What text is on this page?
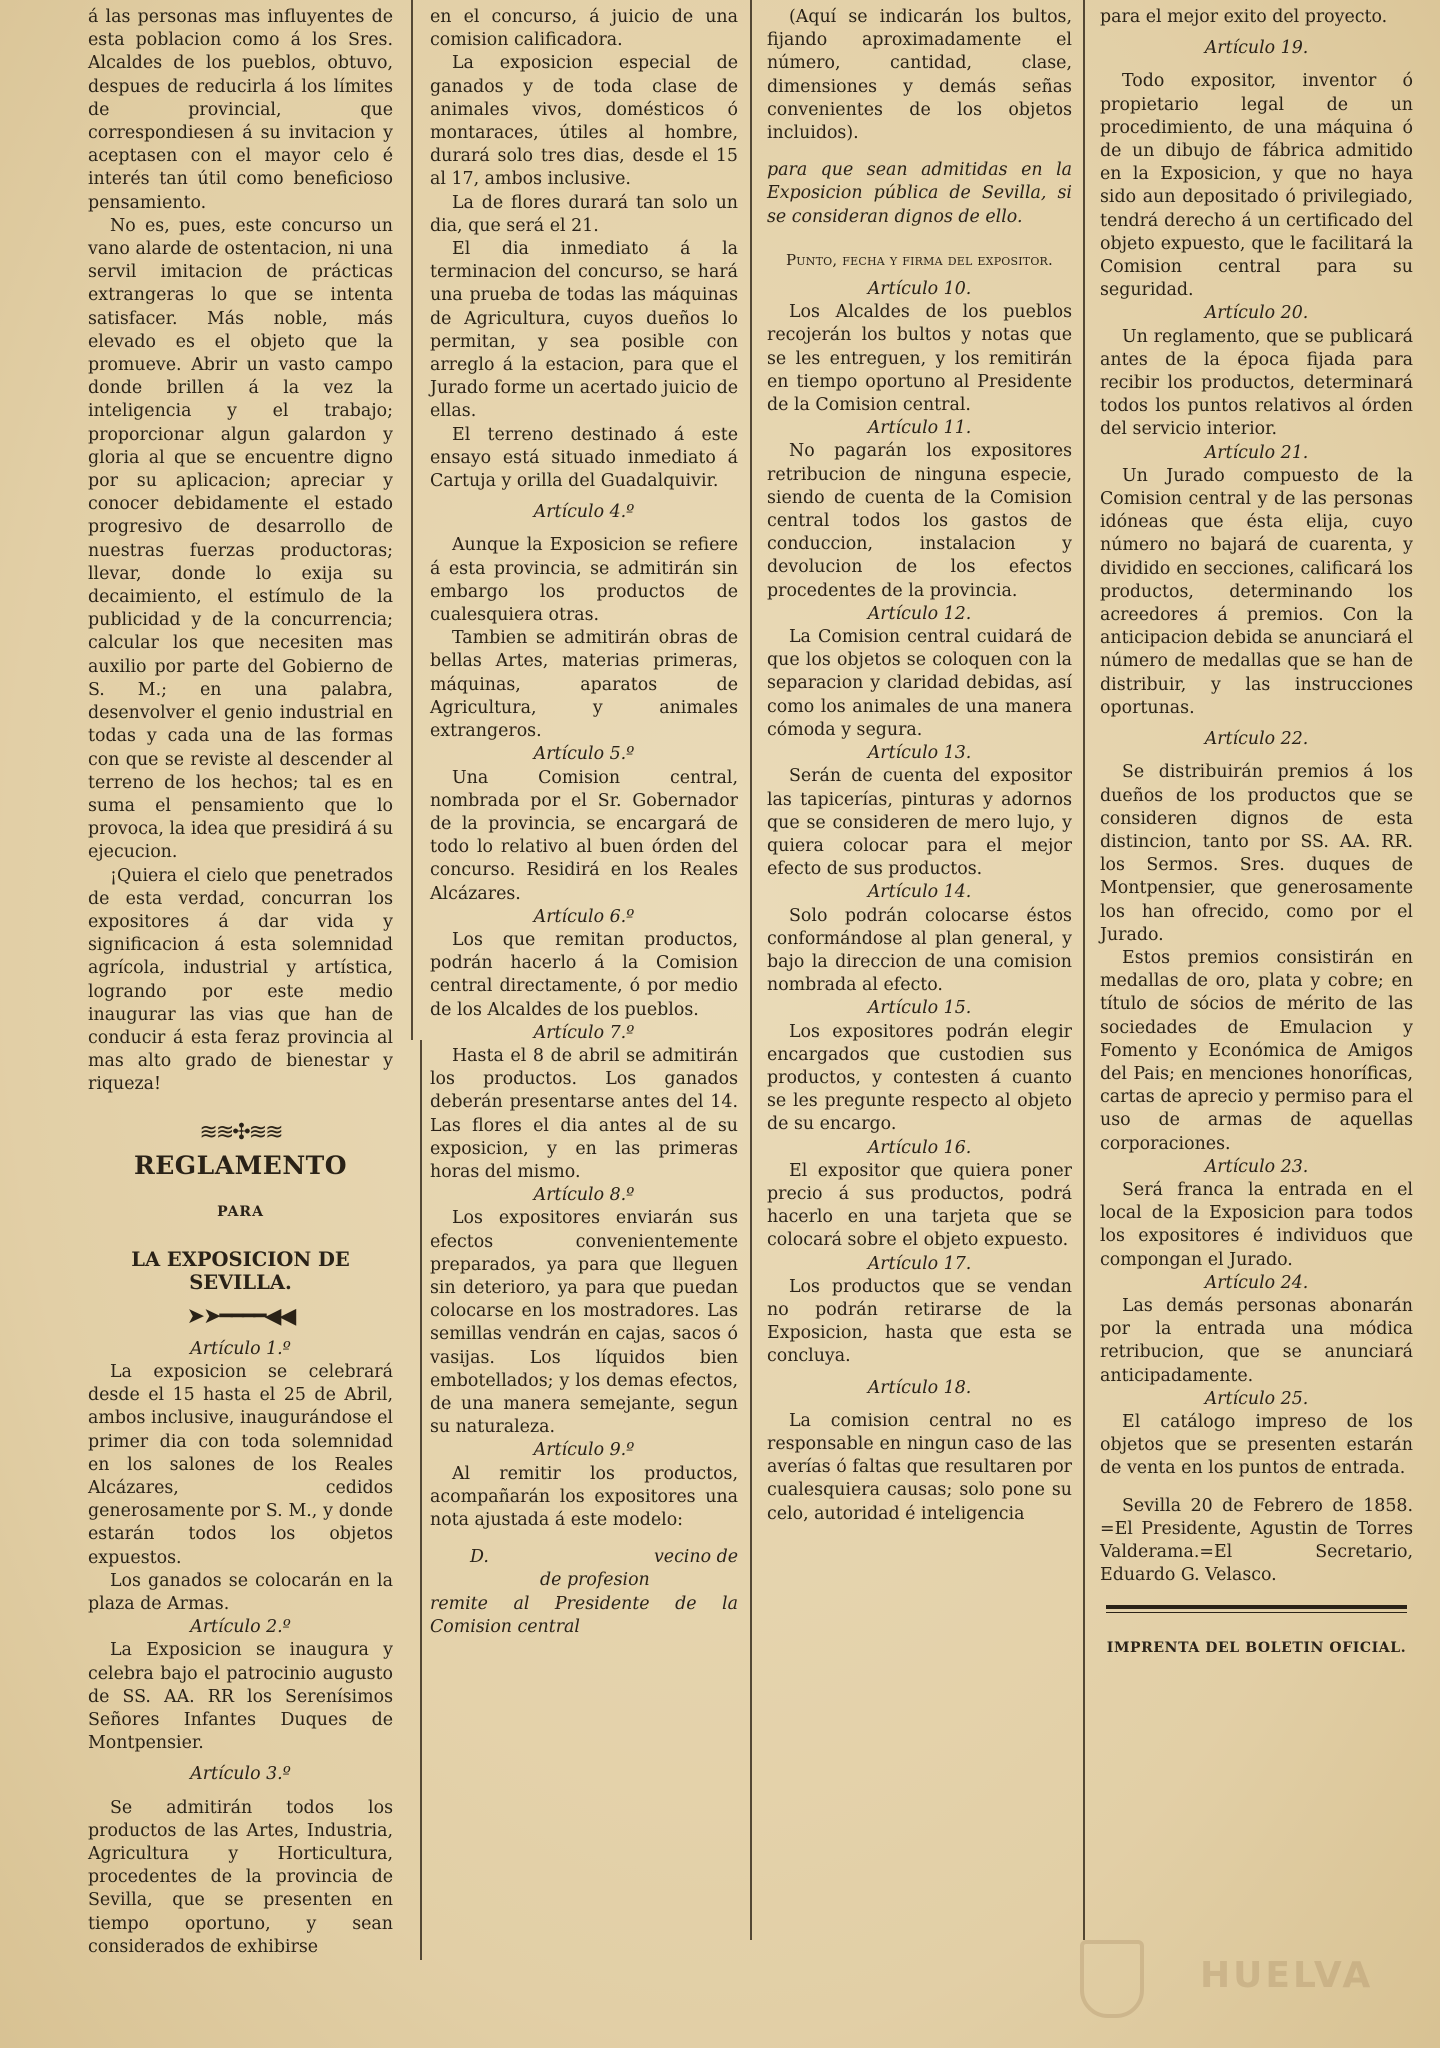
á las personas mas influyentes de esta poblacion como á los Sres. Alcaldes de los pueblos, obtuvo, despues de reducirla á los límites de provincial, que correspondiesen á su invitacion y aceptasen con el mayor celo é interés tan útil como beneficioso pensamiento.

No es, pues, este concurso un vano alarde de ostentacion, ni una servil imitacion de prácticas extrangeras lo que se intenta satisfacer. Más noble, más elevado es el objeto que la promueve. Abrir un vasto campo donde brillen á la vez la inteligencia y el trabajo; proporcionar algun galardon y gloria al que se encuentre digno por su aplicacion; apreciar y conocer debidamente el estado progresivo de desarrollo de nuestras fuerzas productoras; llevar, donde lo exija su decaimiento, el estímulo de la publicidad y de la concurrencia; calcular los que necesiten mas auxilio por parte del Gobierno de S. M.; en una palabra, desenvolver el genio industrial en todas y cada una de las formas con que se reviste al descender al terreno de los hechos; tal es en suma el pensamiento que lo provoca, la idea que presidirá á su ejecucion.

¡Quiera el cielo que penetrados de esta verdad, concurran los expositores á dar vida y significacion á esta solemnidad agrícola, industrial y artística, logrando por este medio inaugurar las vias que han de conducir á esta feraz provincia al mas alto grado de bienestar y riqueza!

≋≋✣≋≋
REGLAMENTO
PARA
LA EXPOSICION DE SEVILLA.
➤➤━━━━◀◀

Artículo 1.º

La exposicion se celebrará desde el 15 hasta el 25 de Abril, ambos inclusive, inaugurándose el primer dia con toda solemnidad en los salones de los Reales Alcázares, cedidos generosamente por S. M., y donde estarán todos los objetos expuestos.

Los ganados se colocarán en la plaza de Armas.

Artículo 2.º

La Exposicion se inaugura y celebra bajo el patrocinio augusto de SS. AA. RR los Serenísimos Señores Infantes Duques de Montpensier.

Artículo 3.º

Se admitirán todos los productos de las Artes, Industria, Agricultura y Horticultura, procedentes de la provincia de Sevilla, que se presenten en tiempo oportuno, y sean considerados de exhibirse

en el concurso, á juicio de una comision calificadora.

La exposicion especial de ganados y de toda clase de animales vivos, domésticos ó montaraces, útiles al hombre, durará solo tres dias, desde el 15 al 17, ambos inclusive.

La de flores durará tan solo un dia, que será el 21.

El dia inmediato á la terminacion del concurso, se hará una prueba de todas las máquinas de Agricultura, cuyos dueños lo permitan, y sea posible con arreglo á la estacion, para que el Jurado forme un acertado juicio de ellas.

El terreno destinado á este ensayo está situado inmediato á Cartuja y orilla del Guadalquivir.

Artículo 4.º

Aunque la Exposicion se refiere á esta provincia, se admitirán sin embargo los productos de cualesquiera otras.

Tambien se admitirán obras de bellas Artes, materias primeras, máquinas, aparatos de Agricultura, y animales extrangeros.

Artículo 5.º

Una Comision central, nombrada por el Sr. Gobernador de la provincia, se encargará de todo lo relativo al buen órden del concurso. Residirá en los Reales Alcázares.

Artículo 6.º

Los que remitan productos, podrán hacerlo á la Comision central directamente, ó por medio de los Alcaldes de los pueblos.

Artículo 7.º

Hasta el 8 de abril se admitirán los productos. Los ganados deberán presentarse antes del 14. Las flores el dia antes al de su exposicion, y en las primeras horas del mismo.

Artículo 8.º

Los expositores enviarán sus efectos convenientemente preparados, ya para que lleguen sin deterioro, ya para que puedan colocarse en los mostradores. Las semillas vendrán en cajas, sacos ó vasijas. Los líquidos bien embotellados; y los demas efectos, de una manera semejante, segun su naturaleza.

Artículo 9.º

Al remitir los productos, acompañarán los expositores una nota ajustada á este modelo:

D.	vecino de

de profesion

remite al Presidente de la Comision central

(Aquí se indicarán los bultos, fijando aproximadamente el número, cantidad, clase, dimensiones y demás señas convenientes de los objetos incluidos).

para que sean admitidas en la Exposicion pública de Sevilla, si se consideran dignos de ello.

Punto, fecha y firma del expositor.

Artículo 10.

Los Alcaldes de los pueblos recojerán los bultos y notas que se les entreguen, y los remitirán en tiempo oportuno al Presidente de la Comision central.

Artículo 11.

No pagarán los expositores retribucion de ninguna especie, siendo de cuenta de la Comision central todos los gastos de conduccion, instalacion y devolucion de los efectos procedentes de la provincia.

Artículo 12.

La Comision central cuidará de que los objetos se coloquen con la separacion y claridad debidas, así como los animales de una manera cómoda y segura.

Artículo 13.

Serán de cuenta del expositor las tapicerías, pinturas y adornos que se consideren de mero lujo, y quiera colocar para el mejor efecto de sus productos.

Artículo 14.

Solo podrán colocarse éstos conformándose al plan general, y bajo la direccion de una comision nombrada al efecto.

Artículo 15.

Los expositores podrán elegir encargados que custodien sus productos, y contesten á cuanto se les pregunte respecto al objeto de su encargo.

Artículo 16.

El expositor que quiera poner precio á sus productos, podrá hacerlo en una tarjeta que se colocará sobre el objeto expuesto.

Artículo 17.

Los productos que se vendan no podrán retirarse de la Exposicion, hasta que esta se concluya.

Artículo 18.

La comision central no es responsable en ningun caso de las averías ó faltas que resultaren por cualesquiera causas; solo pone su celo, autoridad é inteligencia

para el mejor exito del proyecto.

Artículo 19.

Todo expositor, inventor ó propietario legal de un procedimiento, de una máquina ó de un dibujo de fábrica admitido en la Exposicion, y que no haya sido aun depositado ó privilegiado, tendrá derecho á un certificado del objeto expuesto, que le facilitará la Comision central para su seguridad.

Artículo 20.

Un reglamento, que se publicará antes de la época fijada para recibir los productos, determinará todos los puntos relativos al órden del servicio interior.

Artículo 21.

Un Jurado compuesto de la Comision central y de las personas idóneas que ésta elija, cuyo número no bajará de cuarenta, y dividido en secciones, calificará los productos, determinando los acreedores á premios. Con la anticipacion debida se anunciará el número de medallas que se han de distribuir, y las instrucciones oportunas.

Artículo 22.

Se distribuirán premios á los dueños de los productos que se consideren dignos de esta distincion, tanto por SS. AA. RR. los Sermos. Sres. duques de Montpensier, que generosamente los han ofrecido, como por el Jurado.

Estos premios consistirán en medallas de oro, plata y cobre; en título de sócios de mérito de las sociedades de Emulacion y Fomento y Económica de Amigos del Pais; en menciones honoríficas, cartas de aprecio y permiso para el uso de armas de aquellas corporaciones.

Artículo 23.

Será franca la entrada en el local de la Exposicion para todos los expositores é individuos que compongan el Jurado.

Artículo 24.

Las demás personas abonarán por la entrada una módica retribucion, que se anunciará anticipadamente.

Artículo 25.

El catálogo impreso de los objetos que se presenten estarán de venta en los puntos de entrada.

Sevilla 20 de Febrero de 1858. =El Presidente, Agustin de Torres Valderama.=El Secretario, Eduardo G. Velasco.

IMPRENTA DEL BOLETIN OFICIAL.
HUELVA
